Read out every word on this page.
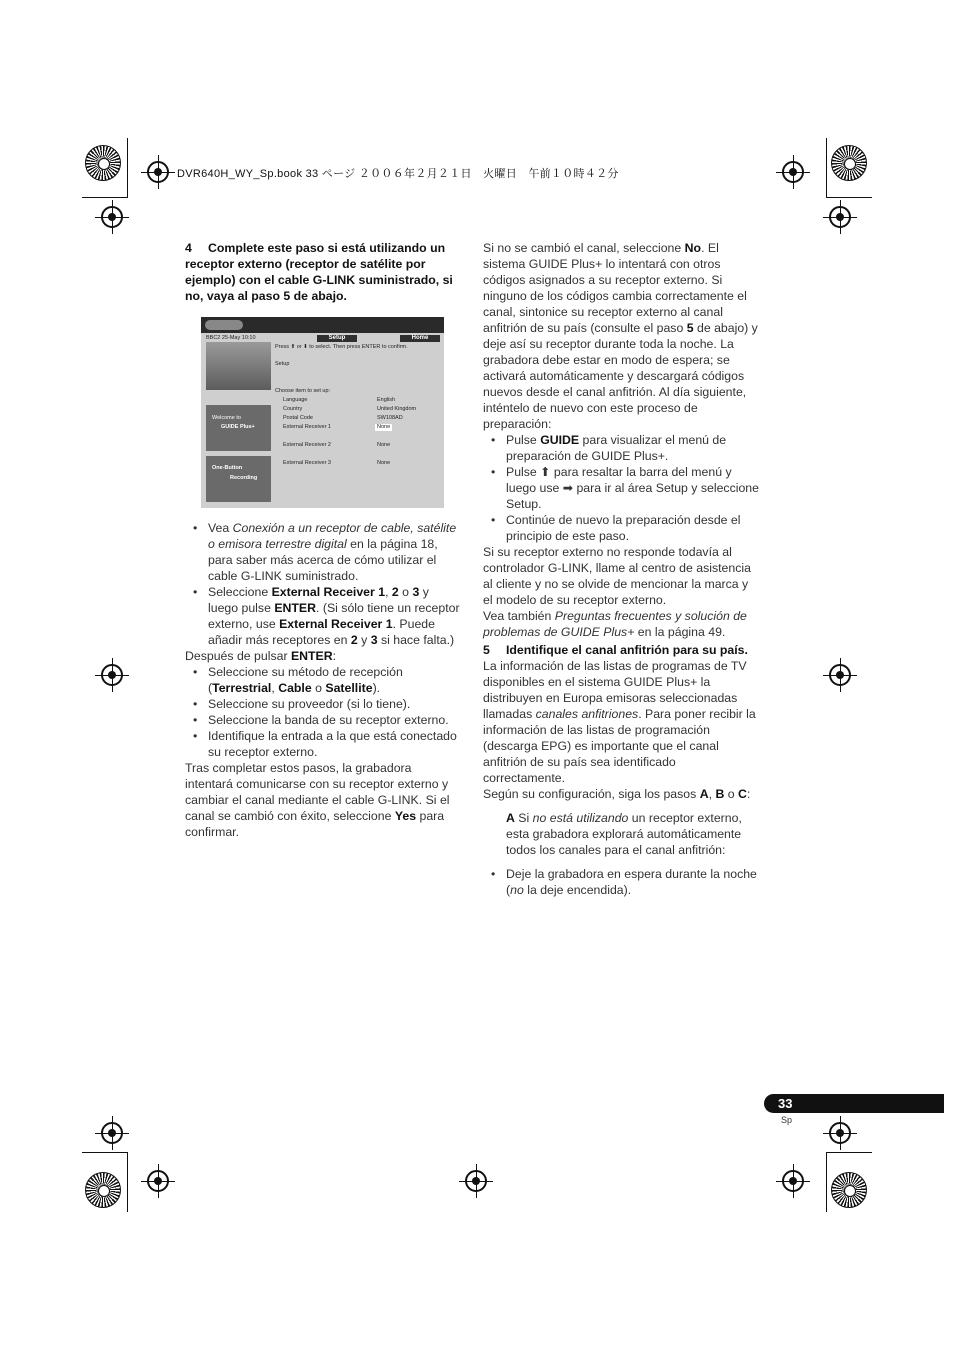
DVR640H_WY_Sp.book 33 ページ ２００６年２月２１日　火曜日　午前１０時４２分

4 Complete este paso si está utilizando un receptor externo (receptor de satélite por ejemplo) con el cable G-LINK suministrado, si no, vaya al paso 5 de abajo.

Setup	Home
BBC2 25-May 10:10
Press ⬆ or ⬇ to select. Then press ENTER to confirm.
Setup
Choose item to set up:
Language	English
Country	United Kingdom
Postal Code	SW108AD
External Receiver 1	None
External Receiver 2	None
External Receiver 3	None
Welcome to
GUIDE Plus+
One-Button
Recording
• Vea Conexión a un receptor de cable, satélite o emisora terrestre digital en la página 18, para saber más acerca de cómo utilizar el cable G-LINK suministrado.
• Seleccione External Receiver 1, 2 o 3 y luego pulse ENTER. (Si sólo tiene un receptor externo, use External Receiver 1. Puede añadir más receptores en 2 y 3 si hace falta.)

Después de pulsar ENTER:

• Seleccione su método de recepción (Terrestrial, Cable o Satellite).
• Seleccione su proveedor (si lo tiene).
• Seleccione la banda de su receptor externo.
• Identifique la entrada a la que está conectado su receptor externo.

Tras completar estos pasos, la grabadora intentará comunicarse con su receptor externo y cambiar el canal mediante el cable G-LINK. Si el canal se cambió con éxito, seleccione Yes para confirmar.

Si no se cambió el canal, seleccione No. El sistema GUIDE Plus+ lo intentará con otros códigos asignados a su receptor externo. Si ninguno de los códigos cambia correctamente el canal, sintonice su receptor externo al canal anfitrión de su país (consulte el paso 5 de abajo) y deje así su receptor durante toda la noche. La grabadora debe estar en modo de espera; se activará automáticamente y descargará códigos nuevos desde el canal anfitrión. Al día siguiente, inténtelo de nuevo con este proceso de preparación:

• Pulse GUIDE para visualizar el menú de preparación de GUIDE Plus+.
• Pulse ⬆ para resaltar la barra del menú y luego use ➡ para ir al área Setup y seleccione Setup.
• Continúe de nuevo la preparación desde el principio de este paso.

Si su receptor externo no responde todavía al controlador G-LINK, llame al centro de asistencia al cliente y no se olvide de mencionar la marca y el modelo de su receptor externo.

Vea también Preguntas frecuentes y solución de problemas de GUIDE Plus+ en la página 49.

5 Identifique el canal anfitrión para su país.

La información de las listas de programas de TV disponibles en el sistema GUIDE Plus+ la distribuyen en Europa emisoras seleccionadas llamadas canales anfitriones. Para poner recibir la información de las listas de programación (descarga EPG) es importante que el canal anfitrión de su país sea identificado correctamente.

Según su configuración, siga los pasos A, B o C:

A Si no está utilizando un receptor externo, esta grabadora explorará automáticamente todos los canales para el canal anfitrión:

• Deje la grabadora en espera durante la noche (no la deje encendida).
33
Sp
